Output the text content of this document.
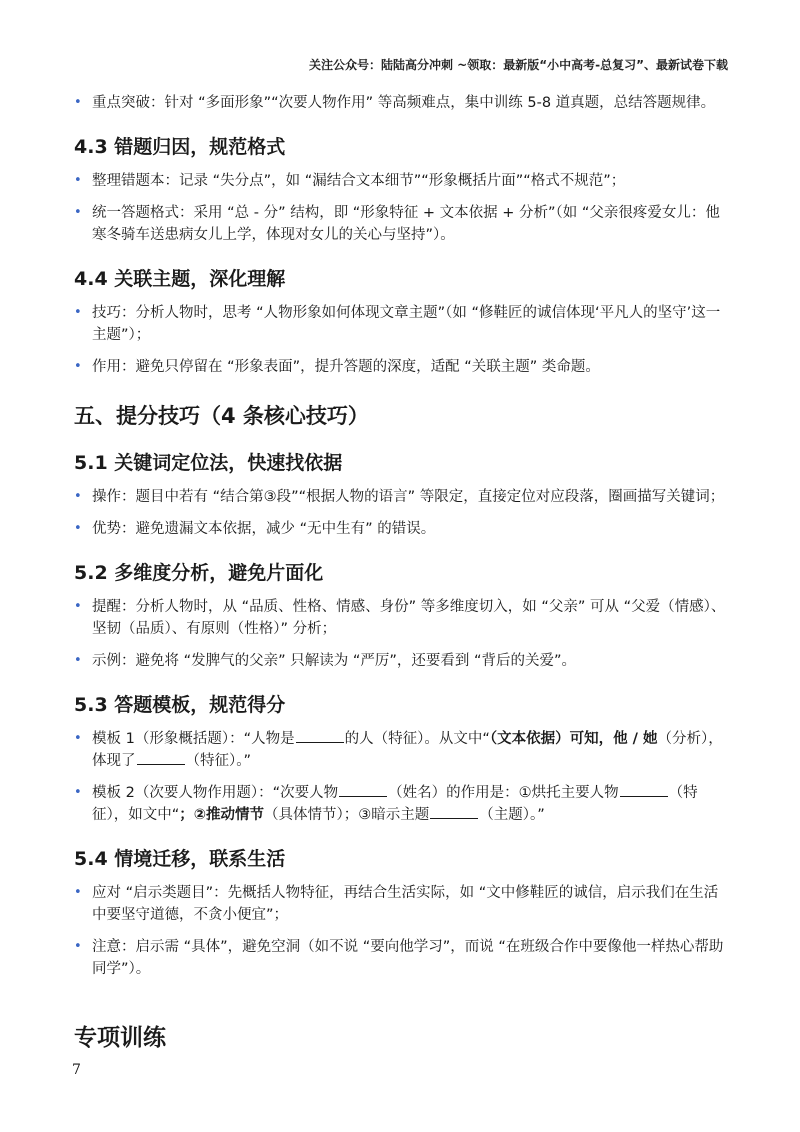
关注公众号：陆陆高分冲刺 ~领取：最新版“小中高考-总复习”、最新试卷下载
• 重点突破：针对 “多面形象”“次要人物作用” 等高频难点，集中训练 5-8 道真题，总结答题规律。
4.3 错题归因，规范格式
• 整理错题本：记录 “失分点”，如 “漏结合文本细节”“形象概括片面”“格式不规范”；
• 统一答题格式：采用 “总 - 分” 结构，即 “形象特征 + 文本依据 + 分析”（如 “父亲很疼爱女儿：他寒冬骑车送患病女儿上学，体现对女儿的关心与坚持”）。
4.4 关联主题，深化理解
• 技巧：分析人物时，思考 “人物形象如何体现文章主题”（如 “修鞋匠的诚信体现‘平凡人的坚守’这一主题”）；
• 作用：避免只停留在 “形象表面”，提升答题的深度，适配 “关联主题” 类命题。
五、提分技巧（4 条核心技巧）
5.1 关键词定位法，快速找依据
• 操作：题目中若有 “结合第③段”“根据人物的语言” 等限定，直接定位对应段落，圈画描写关键词；
• 优势：避免遗漏文本依据，减少 “无中生有” 的错误。
5.2 多维度分析，避免片面化
• 提醒：分析人物时，从 “品质、性格、情感、身份” 等多维度切入，如 “父亲” 可从 “父爱（情感）、坚韧（品质）、有原则（性格）” 分析；
• 示例：避免将 “发脾气的父亲” 只解读为 “严厉”，还要看到 “背后的关爱”。
5.3 答题模板，规范得分
• 模板 1（形象概括题）：“人物是	的人（特征）。从文中“（文本依据）可知，他 / 她（分析），体现了	（特征）。”
• 模板 2（次要人物作用题）：“次要人物	（姓名）的作用是：①烘托主要人物	（特征），如文中“；②推动情节（具体情节）；③暗示主题	（主题）。”
5.4 情境迁移，联系生活
• 应对 “启示类题目”：先概括人物特征，再结合生活实际，如 “文中修鞋匠的诚信，启示我们在生活中要坚守道德，不贪小便宜”；
• 注意：启示需 “具体”，避免空洞（如不说 “要向他学习”，而说 “在班级合作中要像他一样热心帮助同学”）。
专项训练
7
